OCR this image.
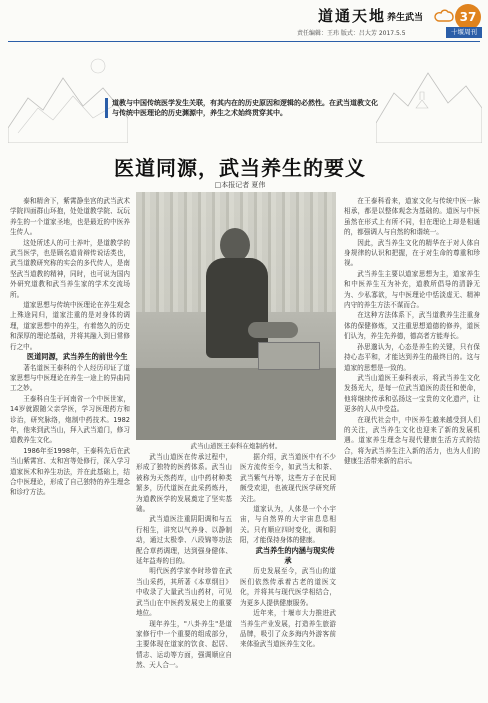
道通天地 养生武当	37
责任编辑：王玮 版式：吕大芳 2017.5.5	十堰周刊
道教与中国传统医学发生关联，有其内在的历史原因和逻辑的必然性。在武当道教文化与传统中医理论的历史渊源中，养生之术始终贯穿其中。
医道同源，武当养生的要义
□本报记者 夏伟

泰和精舍下，紫霄静坐宫的武当武术学院四面群山环抱，处处道教学院、玩玩养生的一个道家圣地，也是最近的中医养生传人。

这处所述人的可士养叶，是道教学的武当医学，也是顾名道肯辩传说话类也，武当道教研究称的实会的多代传人，是南坚武当道教的精神，同时，也可说为国内外研究道教和武当养生家的学术交流场所。

道家思想与传统中医理论在养生观念上殊途同归，道家注重的是对身体的调理，道家思想中的养生，有着悠久的历史和深厚的理论基础，并将其融入到日常修行之中。

医道同源，武当养生的前世今生

著名道医王泰科的个人经历印证了道家思想与中医理论在养生一途上的异曲同工之妙。

王泰科自生于河南省一个中医世家，14岁就跟随父亲学医，学习医理药方和诊治，研究脉络，炮制中药技术。1982年，他来到武当山，拜入武当道门，修习道教养生文化。

1986年至1998年，王泰科先后在武当山紫霄宫、太和宫等处修行，深入学习道家医术和养生功法，并在此基础上，结合中医理论，形成了自己独特的养生理念和诊疗方法。

武当山道医王泰科在炮制药材。

武当山道医在传承过程中，形成了独特的医药体系。武当山被称为天然药库，山中药材种类繁多，历代道医在此采药炼丹，为道教医学的发展奠定了坚实基础。

武当道医注重阴阳调和与五行相生，讲究以气养身、以静制动，通过太极拳、八段锦等功法配合草药调理，达到强身健体、延年益寿的目的。

明代医药学家李时珍曾在武当山采药，其所著《本草纲目》中收录了大量武当山药材，可见武当山在中医药发展史上的重要地位。

现年养生，"八卦养生"是道家修行中一个重要的组成部分，主要体现在道家的饮食、起居、情志、运动等方面，强调顺应自然、天人合一。

据介绍，武当道医中有不少医方流传至今，如武当太和茶、武当紫气丹等，这些方子在民间颇受欢迎，也被现代医学研究所关注。

道家认为，人体是一个小宇宙，与自然界的大宇宙息息相关。只有顺应四时变化，调和阴阳，才能保持身体的健康。

武当养生的内涵与现实传承

历史发展至今，武当山的道医们依然传承着古老的道医文化，并将其与现代医学相结合，为更多人提供健康服务。

近年来，十堰市大力推进武当养生产业发展，打造养生旅游品牌，吸引了众多海内外游客前来体验武当道医养生文化。

在王泰科看来，道家文化与传统中医一脉相承，都是以整体观念为基础的。道医与中医虽然在形式上有所不同，但在理论上却是相通的，都强调人与自然的和谐统一。

因此，武当养生文化的精华在于对人体自身规律的认识和把握，在于对生命的尊重和珍视。

武当养生主要以道家思想为主，道家养生和中医养生互为补充，道教所倡导的清静无为、少私寡欲，与中医理论中恬淡虚无、精神内守的养生方法不谋而合。

在这种方法体系下，武当道教养生注重身体的保健修炼，又注重思想道德的修养，道医们认为，养生先养德，德高者方能寿长。

孙思邈认为，心态是养生的关键，只有保持心态平和，才能达到养生的最终目的。这与道家的思想是一致的。

武当山道医王泰科表示，将武当养生文化发扬光大，是每一位武当道医的责任和使命，他将继续传承和弘扬这一宝贵的文化遗产，让更多的人从中受益。

在现代社会中，中医养生越来越受到人们的关注，武当养生文化也迎来了新的发展机遇。道家养生理念与现代健康生活方式的结合，将为武当养生注入新的活力，也为人们的健康生活带来新的启示。
